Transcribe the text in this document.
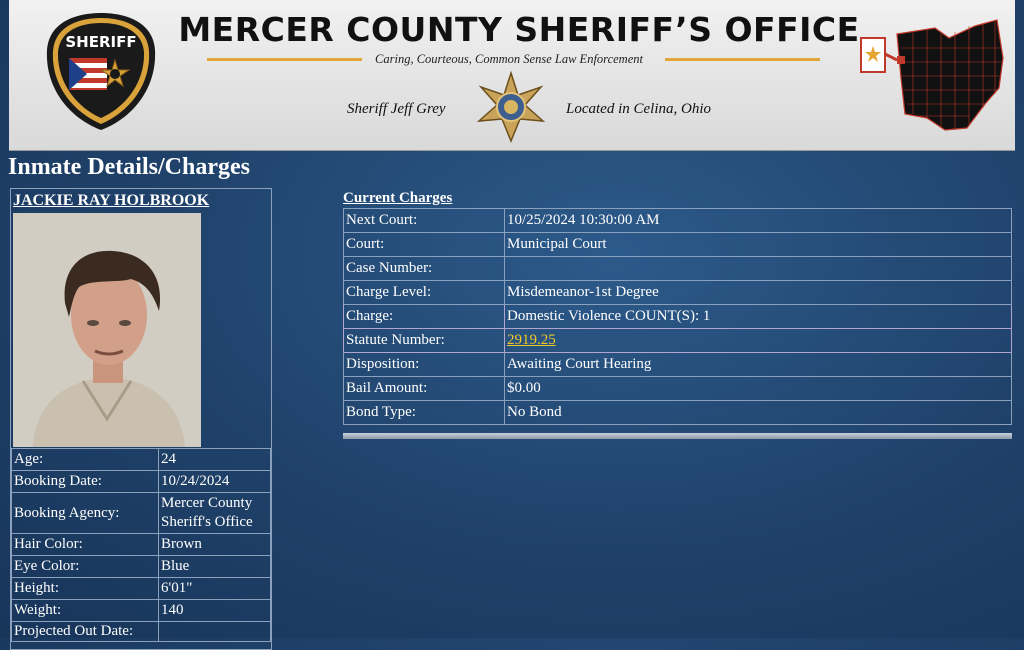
SHERIFF	MERCER COUNTY SHERIFF’S OFFICE
Caring, Courteous, Common Sense Law Enforcement
Sheriff Jeff Grey	Located in Celina, Ohio
Inmate Details/Charges
JACKIE RAY HOLBROOK
Age:	24
Booking Date:	10/24/2024
Booking Agency:	Mercer County Sheriff's Office
Hair Color:	Brown
Eye Color:	Blue
Height:	6'01"
Weight:	140
Projected Out Date:	
Current Charges
Next Court:	10/25/2024 10:30:00 AM
Court:	Municipal Court
Case Number:	
Charge Level:	Misdemeanor-1st Degree
Charge:	Domestic Violence COUNT(S): 1
Statute Number:	2919.25
Disposition:	Awaiting Court Hearing
Bail Amount:	$0.00
Bond Type:	No Bond
